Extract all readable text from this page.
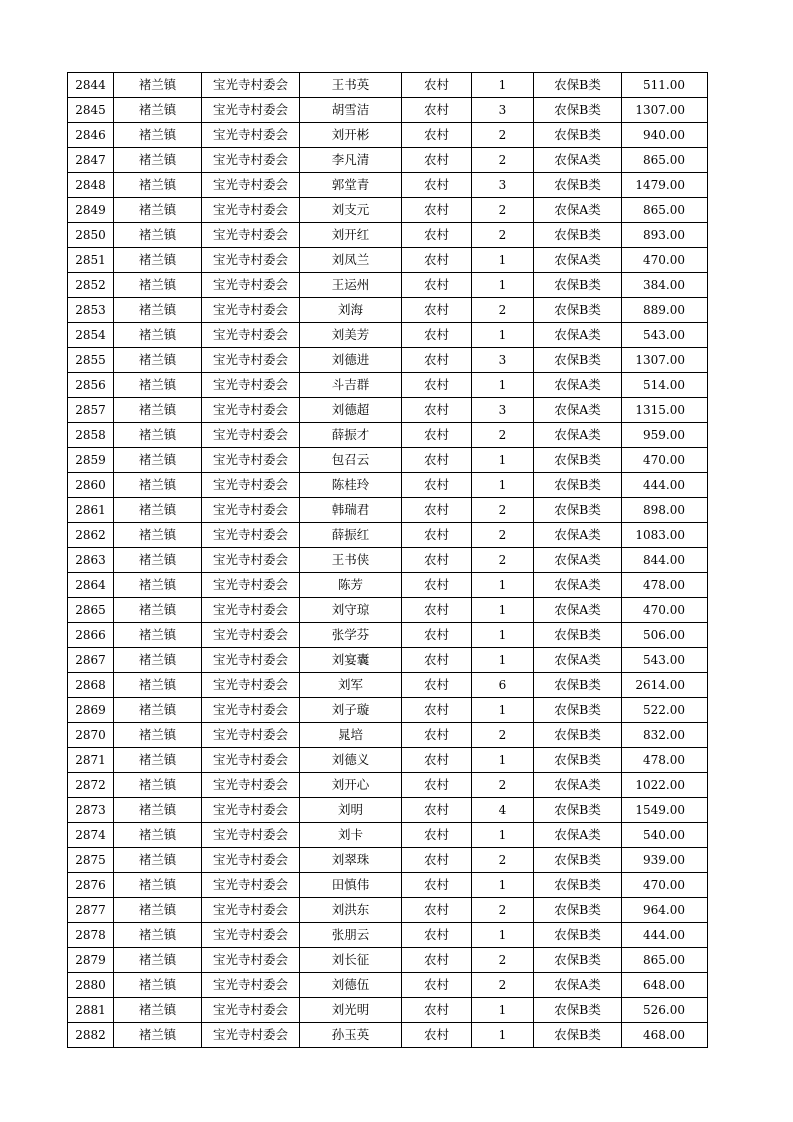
2844	褚兰镇	宝光寺村委会	王书英	农村	1	农保B类	511.00
2845	褚兰镇	宝光寺村委会	胡雪洁	农村	3	农保B类	1307.00
2846	褚兰镇	宝光寺村委会	刘开彬	农村	2	农保B类	940.00
2847	褚兰镇	宝光寺村委会	李凡清	农村	2	农保A类	865.00
2848	褚兰镇	宝光寺村委会	郭堂青	农村	3	农保B类	1479.00
2849	褚兰镇	宝光寺村委会	刘支元	农村	2	农保A类	865.00
2850	褚兰镇	宝光寺村委会	刘开红	农村	2	农保B类	893.00
2851	褚兰镇	宝光寺村委会	刘凤兰	农村	1	农保A类	470.00
2852	褚兰镇	宝光寺村委会	王运州	农村	1	农保B类	384.00
2853	褚兰镇	宝光寺村委会	刘海	农村	2	农保B类	889.00
2854	褚兰镇	宝光寺村委会	刘美芳	农村	1	农保A类	543.00
2855	褚兰镇	宝光寺村委会	刘德进	农村	3	农保B类	1307.00
2856	褚兰镇	宝光寺村委会	斗吉群	农村	1	农保A类	514.00
2857	褚兰镇	宝光寺村委会	刘德超	农村	3	农保A类	1315.00
2858	褚兰镇	宝光寺村委会	薛振才	农村	2	农保A类	959.00
2859	褚兰镇	宝光寺村委会	包召云	农村	1	农保B类	470.00
2860	褚兰镇	宝光寺村委会	陈桂玲	农村	1	农保B类	444.00
2861	褚兰镇	宝光寺村委会	韩瑞君	农村	2	农保B类	898.00
2862	褚兰镇	宝光寺村委会	薛振红	农村	2	农保A类	1083.00
2863	褚兰镇	宝光寺村委会	王书侠	农村	2	农保A类	844.00
2864	褚兰镇	宝光寺村委会	陈芳	农村	1	农保A类	478.00
2865	褚兰镇	宝光寺村委会	刘守琼	农村	1	农保A类	470.00
2866	褚兰镇	宝光寺村委会	张学芬	农村	1	农保B类	506.00
2867	褚兰镇	宝光寺村委会	刘宴囊	农村	1	农保A类	543.00
2868	褚兰镇	宝光寺村委会	刘军	农村	6	农保B类	2614.00
2869	褚兰镇	宝光寺村委会	刘子璇	农村	1	农保B类	522.00
2870	褚兰镇	宝光寺村委会	晁培	农村	2	农保B类	832.00
2871	褚兰镇	宝光寺村委会	刘德义	农村	1	农保B类	478.00
2872	褚兰镇	宝光寺村委会	刘开心	农村	2	农保A类	1022.00
2873	褚兰镇	宝光寺村委会	刘明	农村	4	农保B类	1549.00
2874	褚兰镇	宝光寺村委会	刘卡	农村	1	农保A类	540.00
2875	褚兰镇	宝光寺村委会	刘翠珠	农村	2	农保B类	939.00
2876	褚兰镇	宝光寺村委会	田慎伟	农村	1	农保B类	470.00
2877	褚兰镇	宝光寺村委会	刘洪东	农村	2	农保B类	964.00
2878	褚兰镇	宝光寺村委会	张朋云	农村	1	农保B类	444.00
2879	褚兰镇	宝光寺村委会	刘长征	农村	2	农保B类	865.00
2880	褚兰镇	宝光寺村委会	刘德伍	农村	2	农保A类	648.00
2881	褚兰镇	宝光寺村委会	刘光明	农村	1	农保B类	526.00
2882	褚兰镇	宝光寺村委会	孙玉英	农村	1	农保B类	468.00
